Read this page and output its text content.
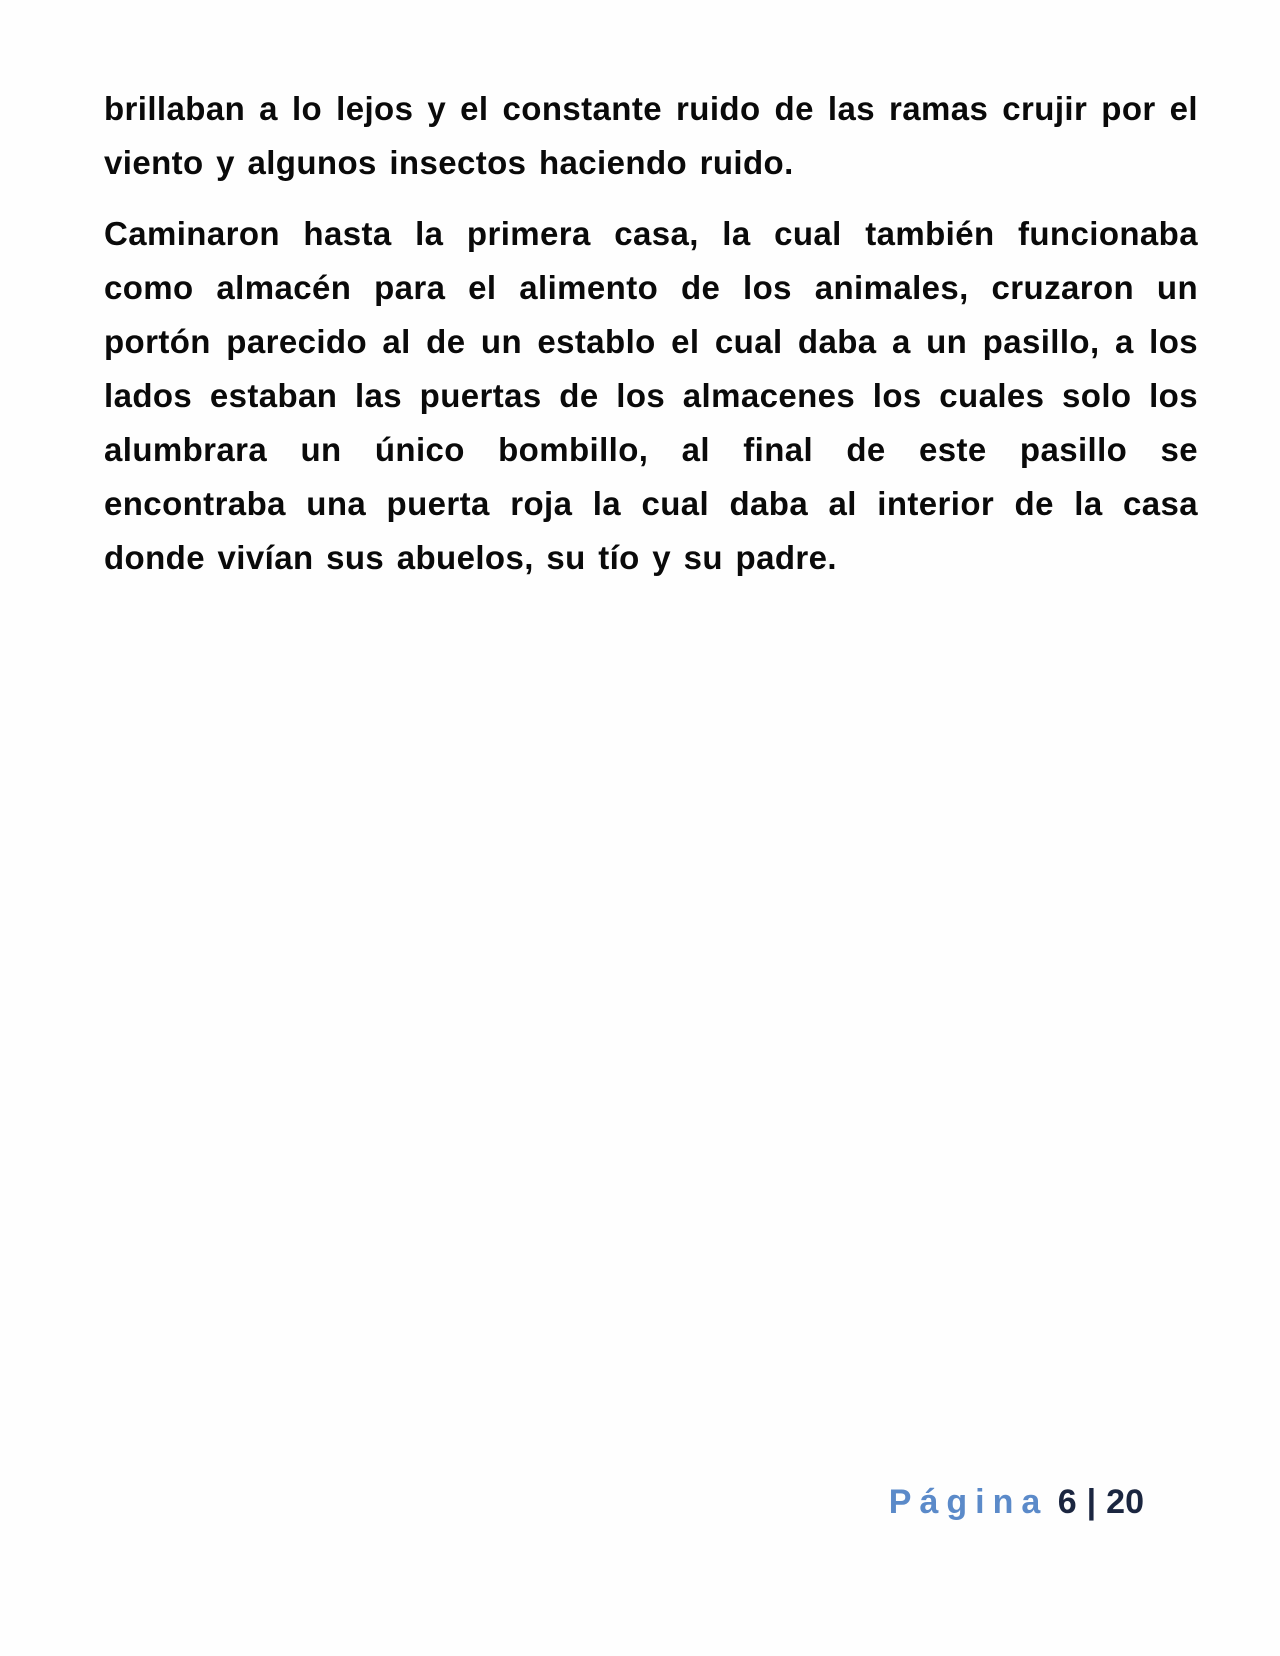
brillaban a lo lejos y el constante ruido de las ramas crujir por el viento y algunos insectos haciendo ruido.

Caminaron hasta la primera casa, la cual también funcionaba como almacén para el alimento de los animales, cruzaron un portón parecido al de un establo el cual daba a un pasillo, a los lados estaban las puertas de los almacenes los cuales solo los alumbrara un único bombillo, al final de este pasillo se encontraba una puerta roja la cual daba al interior de la casa donde vivían sus abuelos, su tío y su padre.

Página 6 | 20
